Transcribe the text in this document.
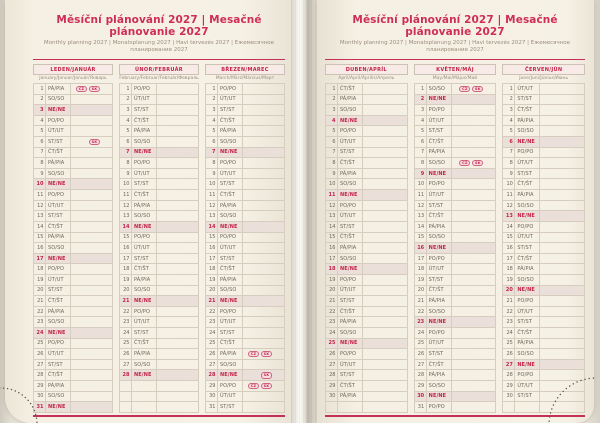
Měsíční plánování 2027 | Mesačné plánovanie 2027
Monthly planning 2027 | Monatsplanung 2027 | Havi tervezés 2027 | Ежемесячное планирование 2027
LEDEN/JANUÁR
January/Januar/Január/Январь
1 PÁ/PIA	CZ	SK
2 SO/SO
3 NE/NE
4 PO/PO
5 ÚT/UT
6 ST/ST	SK
7 ČT/ŠT
8 PÁ/PIA
9 SO/SO
10 NE/NE
11 PO/PO
12 ÚT/UT
13 ST/ST
14 ČT/ŠT
15 PÁ/PIA
16 SO/SO
17 NE/NE
18 PO/PO
19 ÚT/UT
20 ST/ST
21 ČT/ŠT
22 PÁ/PIA
23 SO/SO
24 NE/NE
25 PO/PO
26 ÚT/UT
27 ST/ST
28 ČT/ŠT
29 PÁ/PIA
30 SO/SO
31 NE/NE
ÚNOR/FEBRUÁR
February/Februar/Február/Февраль
1 PO/PO
2 ÚT/UT
3 ST/ST
4 ČT/ŠT
5 PÁ/PIA
6 SO/SO
7 NE/NE
8 PO/PO
9 ÚT/UT
10 ST/ST
11 ČT/ŠT
12 PÁ/PIA
13 SO/SO
14 NE/NE
15 PO/PO
16 ÚT/UT
17 ST/ST
18 ČT/ŠT
19 PÁ/PIA
20 SO/SO
21 NE/NE
22 PO/PO
23 ÚT/UT
24 ST/ST
25 ČT/ŠT
26 PÁ/PIA
27 SO/SO
28 NE/NE
BŘEZEN/MAREC
March/März/Március/Март
1 PO/PO
2 ÚT/UT
3 ST/ST
4 ČT/ŠT
5 PÁ/PIA
6 SO/SO
7 NE/NE
8 PO/PO
9 ÚT/UT
10 ST/ST
11 ČT/ŠT
12 PÁ/PIA
13 SO/SO
14 NE/NE
15 PO/PO
16 ÚT/UT
17 ST/ST
18 ČT/ŠT
19 PÁ/PIA
20 SO/SO
21 NE/NE
22 PO/PO
23 ÚT/UT
24 ST/ST
25 ČT/ŠT
26 PÁ/PIA	CZ	SK
27 SO/SO
28 NE/NE	SK
29 PO/PO	CZ	SK
30 ÚT/UT
31 ST/ST
Měsíční plánování 2027 | Mesačné plánovanie 2027
Monthly planning 2027 | Monatsplanung 2027 | Havi tervezés 2027 | Ежемесячное планирование 2027
DUBEN/APRÍL
April/April/Április/Апрель
1 ČT/ŠT
2 PÁ/PIA
3 SO/SO
4 NE/NE
5 PO/PO
6 ÚT/UT
7 ST/ST
8 ČT/ŠT
9 PÁ/PIA
10 SO/SO
11 NE/NE
12 PO/PO
13 ÚT/UT
14 ST/ST
15 ČT/ŠT
16 PÁ/PIA
17 SO/SO
18 NE/NE
19 PO/PO
20 ÚT/UT
21 ST/ST
22 ČT/ŠT
23 PÁ/PIA
24 SO/SO
25 NE/NE
26 PO/PO
27 ÚT/UT
28 ST/ST
29 ČT/ŠT
30 PÁ/PIA
KVĚTEN/MÁJ
May/Mai/Május/Май
1 SO/SO	CZ	SK
2 NE/NE
3 PO/PO
4 ÚT/UT
5 ST/ST
6 ČT/ŠT
7 PÁ/PIA
8 SO/SO	CZ	SK
9 NE/NE
10 PO/PO
11 ÚT/UT
12 ST/ST
13 ČT/ŠT
14 PÁ/PIA
15 SO/SO
16 NE/NE
17 PO/PO
18 ÚT/UT
19 ST/ST
20 ČT/ŠT
21 PÁ/PIA
22 SO/SO
23 NE/NE
24 PO/PO
25 ÚT/UT
26 ST/ST
27 ČT/ŠT
28 PÁ/PIA
29 SO/SO
30 NE/NE
31 PO/PO
ČERVEN/JÚN
June/Juni/Június/Июнь
1 ÚT/UT
2 ST/ST
3 ČT/ŠT
4 PÁ/PIA
5 SO/SO
6 NE/NE
7 PO/PO
8 ÚT/UT
9 ST/ST
10 ČT/ŠT
11 PÁ/PIA
12 SO/SO
13 NE/NE
14 PO/PO
15 ÚT/UT
16 ST/ST
17 ČT/ŠT
18 PÁ/PIA
19 SO/SO
20 NE/NE
21 PO/PO
22 ÚT/UT
23 ST/ST
24 ČT/ŠT
25 PÁ/PIA
26 SO/SO
27 NE/NE
28 PO/PO
29 ÚT/UT
30 ST/ST
